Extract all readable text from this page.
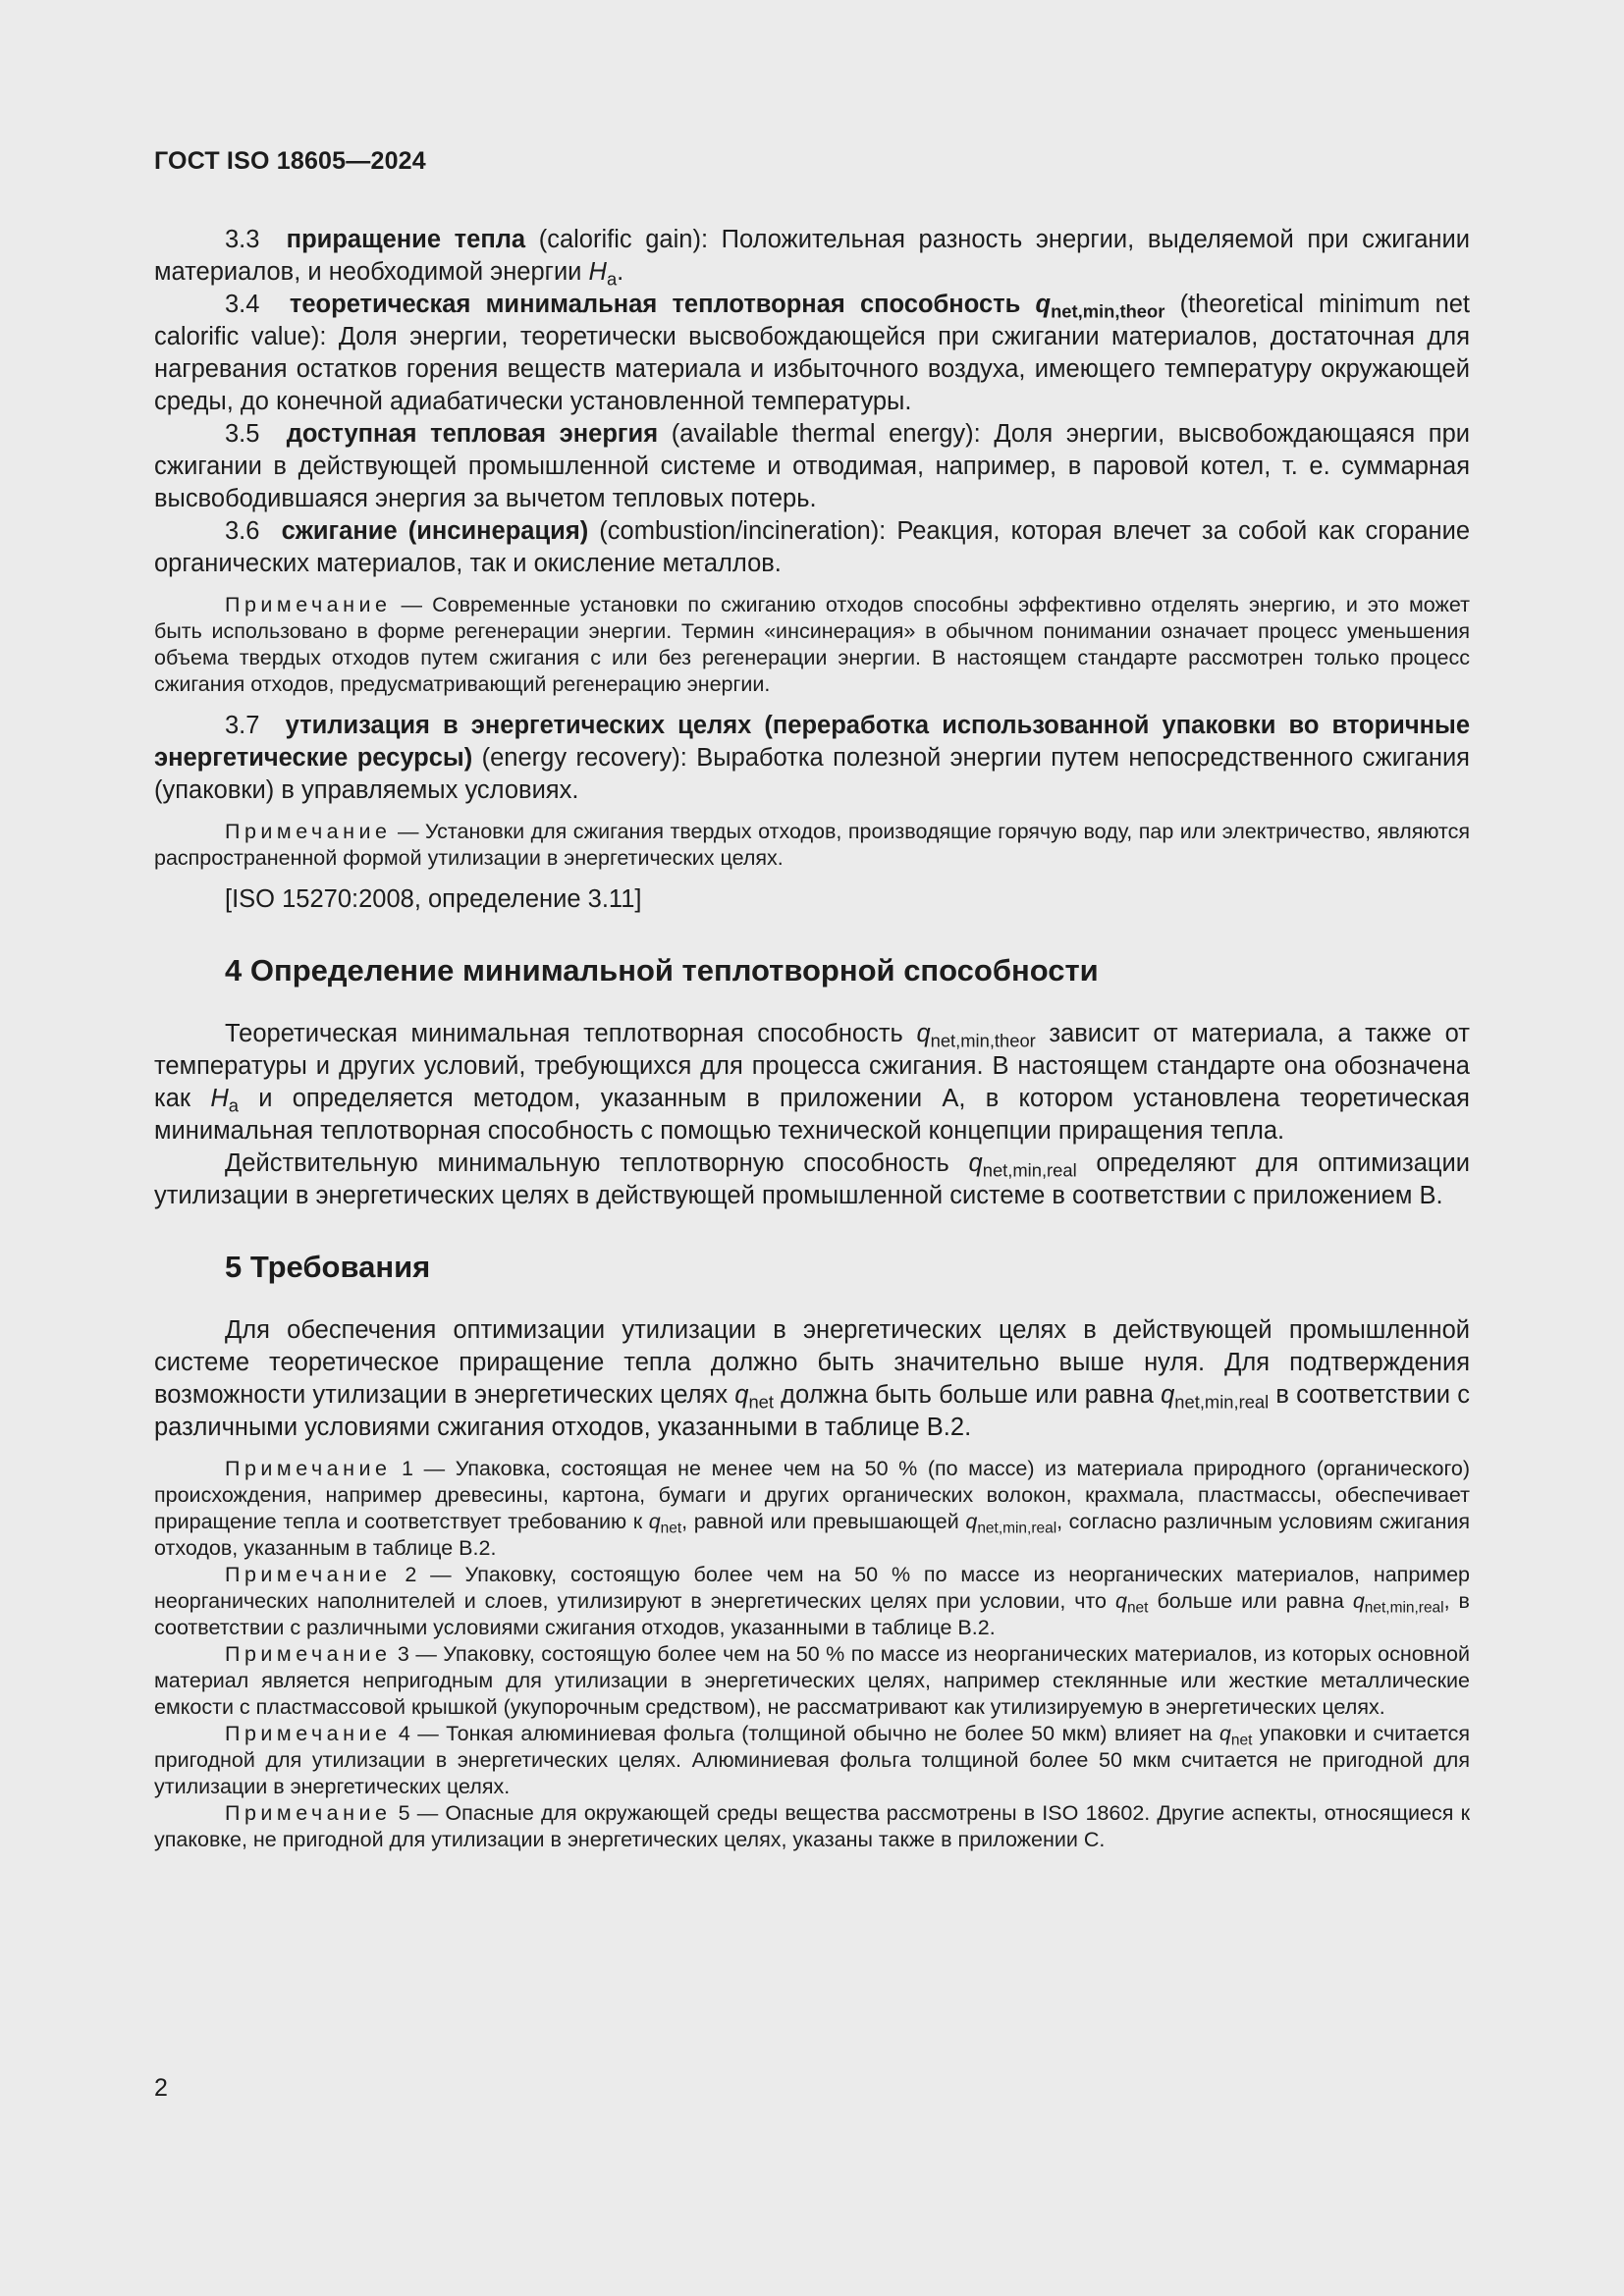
ГОСТ ISO 18605—2024

3.3 приращение тепла (calorific gain): Положительная разность энергии, выделяемой при сжигании материалов, и необходимой энергии $H_a$.

3.4 теоретическая минимальная теплотворная способность $q_{net,min,theor}$ (theoretical minimum net calorific value): Доля энергии, теоретически высвобождающейся при сжигании материалов, достаточная для нагревания остатков горения веществ материала и избыточного воздуха, имеющего температуру окружающей среды, до конечной адиабатически установленной температуры.

3.5 доступная тепловая энергия (available thermal energy): Доля энергии, высвобождающаяся при сжигании в действующей промышленной системе и отводимая, например, в паровой котел, т. е. суммарная высвободившаяся энергия за вычетом тепловых потерь.

3.6 сжигание (инсинерация) (combustion/incineration): Реакция, которая влечет за собой как сгорание органических материалов, так и окисление металлов.

Примечание — Современные установки по сжиганию отходов способны эффективно отделять энергию, и это может быть использовано в форме регенерации энергии. Термин «инсинерация» в обычном понимании означает процесс уменьшения объема твердых отходов путем сжигания с или без регенерации энергии. В настоящем стандарте рассмотрен только процесс сжигания отходов, предусматривающий регенерацию энергии.

3.7 утилизация в энергетических целях (переработка использованной упаковки во вторичные энергетические ресурсы) (energy recovery): Выработка полезной энергии путем непосредственного сжигания (упаковки) в управляемых условиях.

Примечание — Установки для сжигания твердых отходов, производящие горячую воду, пар или электричество, являются распространенной формой утилизации в энергетических целях.

[ISO 15270:2008, определение 3.11]

4 Определение минимальной теплотворной способности

Теоретическая минимальная теплотворная способность $q_{net,min,theor}$ зависит от материала, а также от температуры и других условий, требующихся для процесса сжигания. В настоящем стандарте она обозначена как $H_a$ и определяется методом, указанным в приложении А, в котором установлена теоретическая минимальная теплотворная способность с помощью технической концепции приращения тепла.

Действительную минимальную теплотворную способность $q_{net,min,real}$ определяют для оптимизации утилизации в энергетических целях в действующей промышленной системе в соответствии с приложением В.

5 Требования

Для обеспечения оптимизации утилизации в энергетических целях в действующей промышленной системе теоретическое приращение тепла должно быть значительно выше нуля. Для подтверждения возможности утилизации в энергетических целях $q_{net}$ должна быть больше или равна $q_{net,min,real}$ в соответствии с различными условиями сжигания отходов, указанными в таблице В.2.

Примечание 1 — Упаковка, состоящая не менее чем на 50 % (по массе) из материала природного (органического) происхождения, например древесины, картона, бумаги и других органических волокон, крахмала, пластмассы, обеспечивает приращение тепла и соответствует требованию к $q_{net}$, равной или превышающей $q_{net,min,real}$, согласно различным условиям сжигания отходов, указанным в таблице В.2.

Примечание 2 — Упаковку, состоящую более чем на 50 % по массе из неорганических материалов, например неорганических наполнителей и слоев, утилизируют в энергетических целях при условии, что $q_{net}$ больше или равна $q_{net,min,real}$, в соответствии с различными условиями сжигания отходов, указанными в таблице В.2.

Примечание 3 — Упаковку, состоящую более чем на 50 % по массе из неорганических материалов, из которых основной материал является непригодным для утилизации в энергетических целях, например стеклянные или жесткие металлические емкости с пластмассовой крышкой (укупорочным средством), не рассматривают как утилизируемую в энергетических целях.

Примечание 4 — Тонкая алюминиевая фольга (толщиной обычно не более 50 мкм) влияет на $q_{net}$ упаковки и считается пригодной для утилизации в энергетических целях. Алюминиевая фольга толщиной более 50 мкм считается не пригодной для утилизации в энергетических целях.

Примечание 5 — Опасные для окружающей среды вещества рассмотрены в ISO 18602. Другие аспекты, относящиеся к упаковке, не пригодной для утилизации в энергетических целях, указаны также в приложении С.

2
